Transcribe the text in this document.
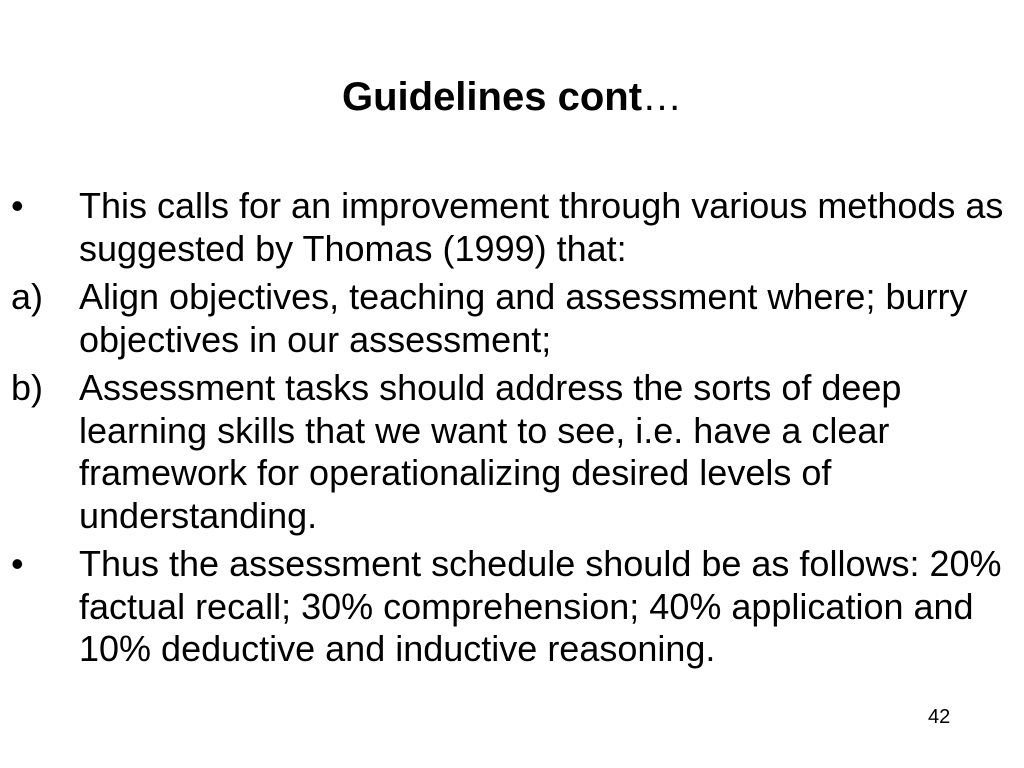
Guidelines cont…
•	This calls for an improvement through various methods as suggested by Thomas (1999) that:
a) Align objectives, teaching and assessment where; burry objectives in our assessment;
b) Assessment tasks should address the sorts of deep learning skills that we want to see, i.e. have a clear framework for operationalizing desired levels of understanding.
•	Thus the assessment schedule should be as follows: 20% factual recall; 30% comprehension; 40% application and 10% deductive and inductive reasoning.
42
